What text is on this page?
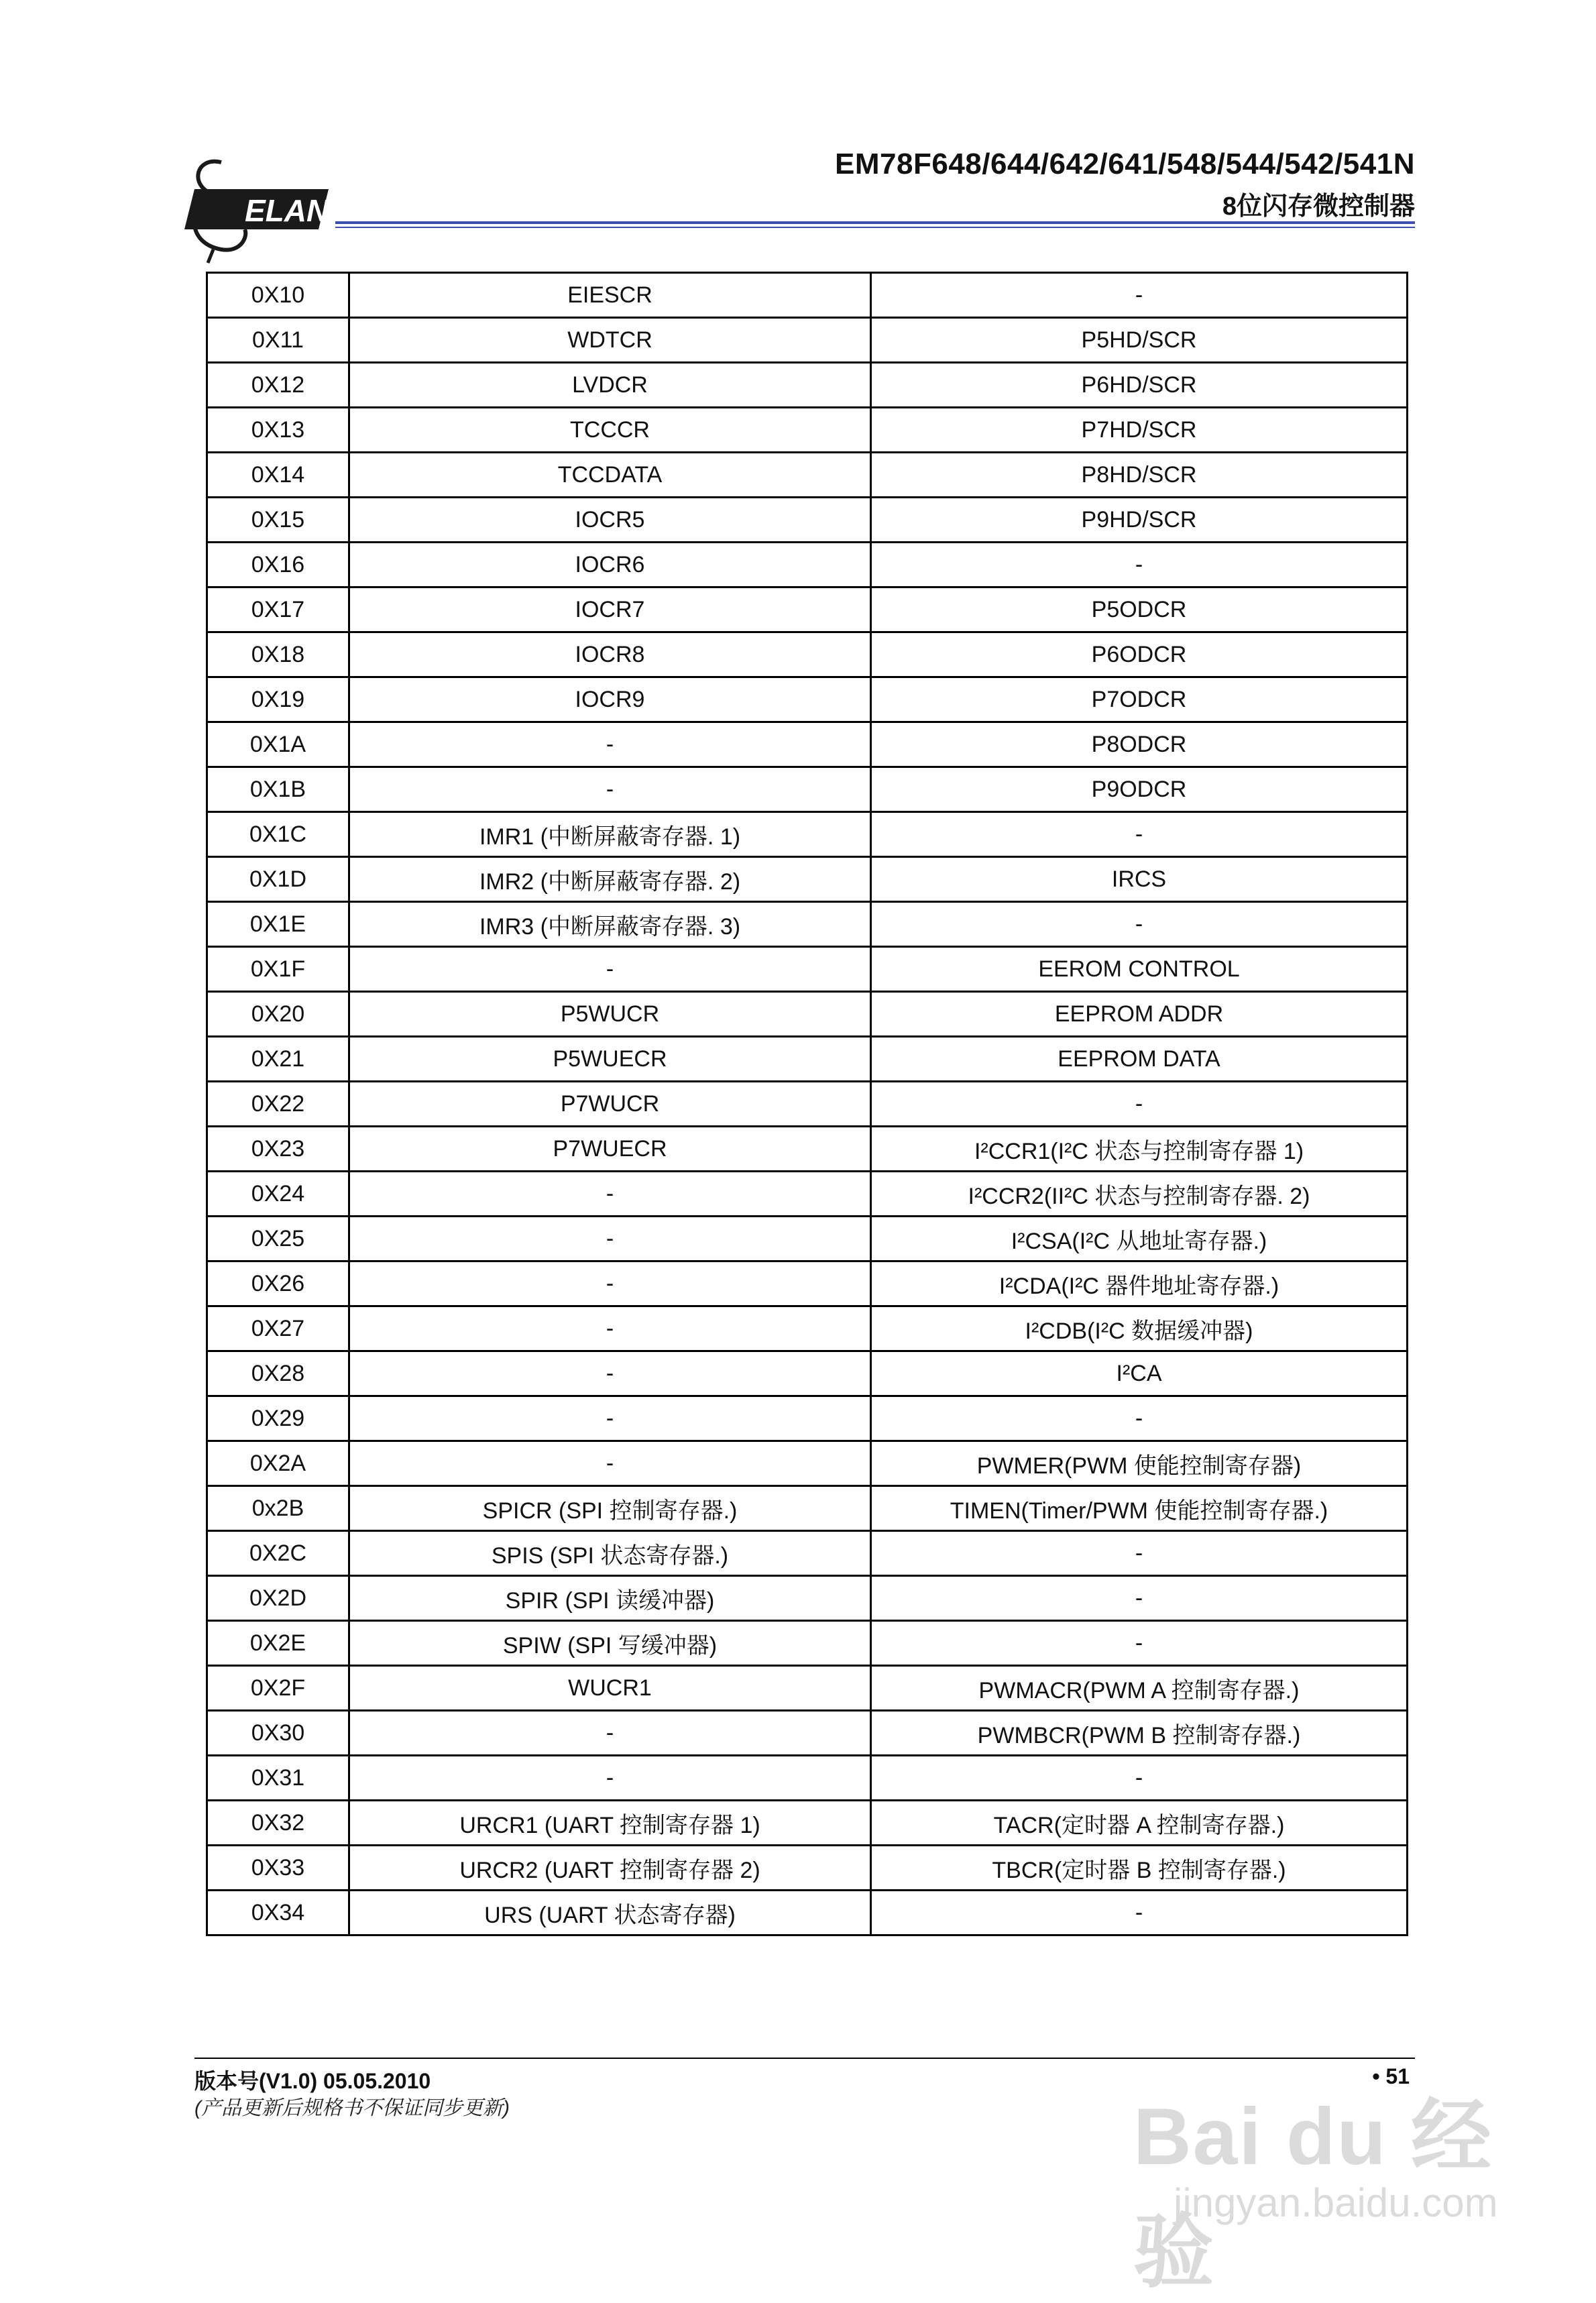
ELAN
EM78F648/644/642/641/548/544/542/541N
8位闪存微控制器
0X10	EIESCR	-
0X11	WDTCR	P5HD/SCR
0X12	LVDCR	P6HD/SCR
0X13	TCCCR	P7HD/SCR
0X14	TCCDATA	P8HD/SCR
0X15	IOCR5	P9HD/SCR
0X16	IOCR6	-
0X17	IOCR7	P5ODCR
0X18	IOCR8	P6ODCR
0X19	IOCR9	P7ODCR
0X1A	-	P8ODCR
0X1B	-	P9ODCR
0X1C	IMR1 (中断屏蔽寄存器. 1)	-
0X1D	IMR2 (中断屏蔽寄存器. 2)	IRCS
0X1E	IMR3 (中断屏蔽寄存器. 3)	-
0X1F	-	EEROM CONTROL
0X20	P5WUCR	EEPROM ADDR
0X21	P5WUECR	EEPROM DATA
0X22	P7WUCR	-
0X23	P7WUECR	I²CCR1(I²C 状态与控制寄存器 1)
0X24	-	I²CCR2(II²C 状态与控制寄存器. 2)
0X25	-	I²CSA(I²C 从地址寄存器.)
0X26	-	I²CDA(I²C 器件地址寄存器.)
0X27	-	I²CDB(I²C 数据缓冲器)
0X28	-	I²CA
0X29	-	-
0X2A	-	PWMER(PWM 使能控制寄存器)
0x2B	SPICR (SPI 控制寄存器.)	TIMEN(Timer/PWM 使能控制寄存器.)
0X2C	SPIS (SPI 状态寄存器.)	-
0X2D	SPIR (SPI 读缓冲器)	-
0X2E	SPIW (SPI 写缓冲器)	-
0X2F	WUCR1	PWMACR(PWM A 控制寄存器.)
0X30	-	PWMBCR(PWM B 控制寄存器.)
0X31	-	-
0X32	URCR1 (UART 控制寄存器 1)	TACR(定时器 A 控制寄存器.)
0X33	URCR2 (UART 控制寄存器 2)	TBCR(定时器 B 控制寄存器.)
0X34	URS (UART 状态寄存器)	-
版本号(V1.0) 05.05.2010
(产品更新后规格书不保证同步更新)
• 51
Bai du 经验
jingyan.baidu.com
